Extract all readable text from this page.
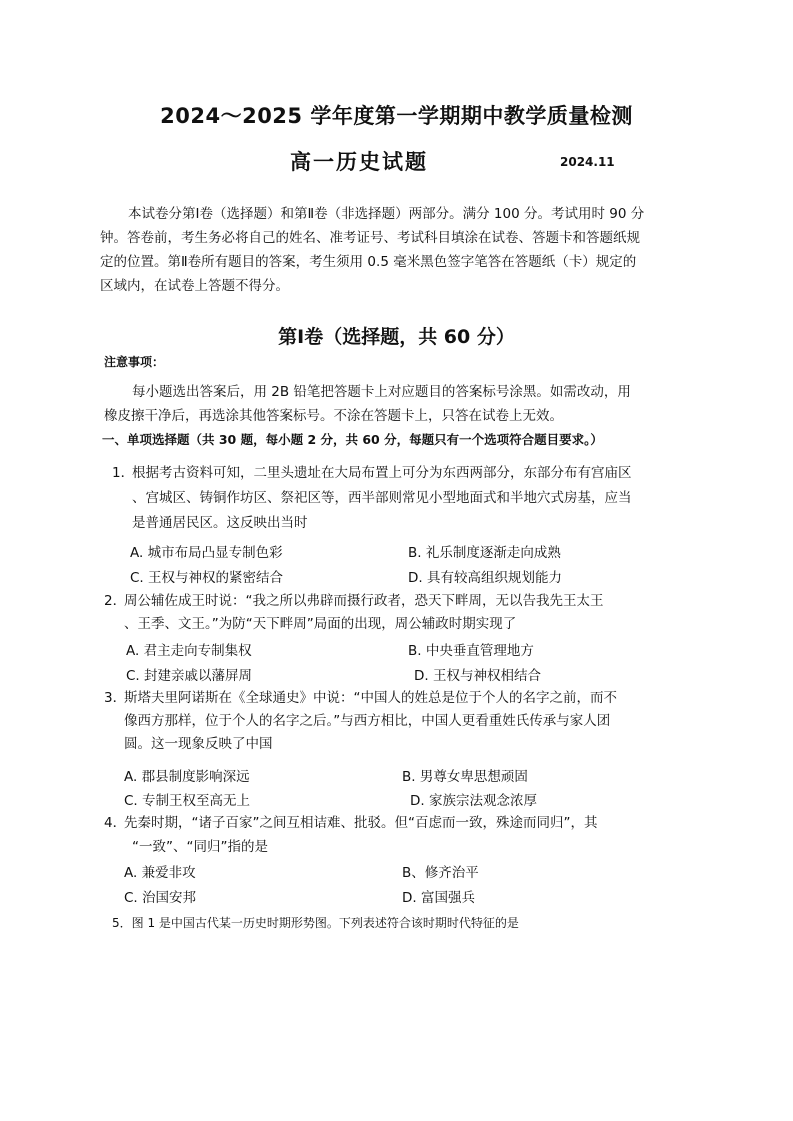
2024～2025 学年度第一学期期中教学质量检测
高一历史试题	2024.11

本试卷分第Ⅰ卷（选择题）和第Ⅱ卷（非选择题）两部分。满分 100 分。考试用时 90 分

钟。答卷前，考生务必将自己的姓名、准考证号、考试科目填涂在试卷、答题卡和答题纸规

定的位置。第Ⅱ卷所有题目的答案，考生须用 0.5 毫米黑色签字笔答在答题纸（卡）规定的

区域内，在试卷上答题不得分。

第Ⅰ卷（选择题，共 60 分）
注意事项：
每小题选出答案后，用 2B 铅笔把答题卡上对应题目的答案标号涂黑。如需改动，用
橡皮擦干净后，再选涂其他答案标号。不涂在答题卡上，只答在试卷上无效。
一、单项选择题（共 30 题，每小题 2 分，共 60 分，每题只有一个选项符合题目要求。）
1．
根据考古资料可知，二里头遗址在大局布置上可分为东西两部分，东部分布有宫庙区
、宫城区、铸铜作坊区、祭祀区等，西半部则常见小型地面式和半地穴式房基，应当
是普通居民区。这反映出当时
A. 城市布局凸显专制色彩	B. 礼乐制度逐渐走向成熟
C. 王权与神权的紧密结合	D. 具有较高组织规划能力
2．
周公辅佐成王时说：“我之所以弗辟而摄行政者，恐天下畔周，无以告我先王太王
、王季、文王。”为防“天下畔周”局面的出现，周公辅政时期实现了
A. 君主走向专制集权	B. 中央垂直管理地方
C. 封建亲戚以藩屏周	D. 王权与神权相结合
3．
斯塔夫里阿诺斯在《全球通史》中说：“中国人的姓总是位于个人的名字之前，而不
像西方那样，位于个人的名字之后。”与西方相比，中国人更看重姓氏传承与家人团
圆。这一现象反映了中国
A. 郡县制度影响深远	B. 男尊女卑思想顽固
C. 专制王权至高无上	D. 家族宗法观念浓厚
4．
先秦时期，“诸子百家”之间互相诘难、批驳。但“百虑而一致，殊途而同归”，其
“一致”、“同归”指的是
A. 兼爱非攻	B、修齐治平
C. 治国安邦	D. 富国强兵
5．图 1 是中国古代某一历史时期形势图。下列表述符合该时期时代特征的是
